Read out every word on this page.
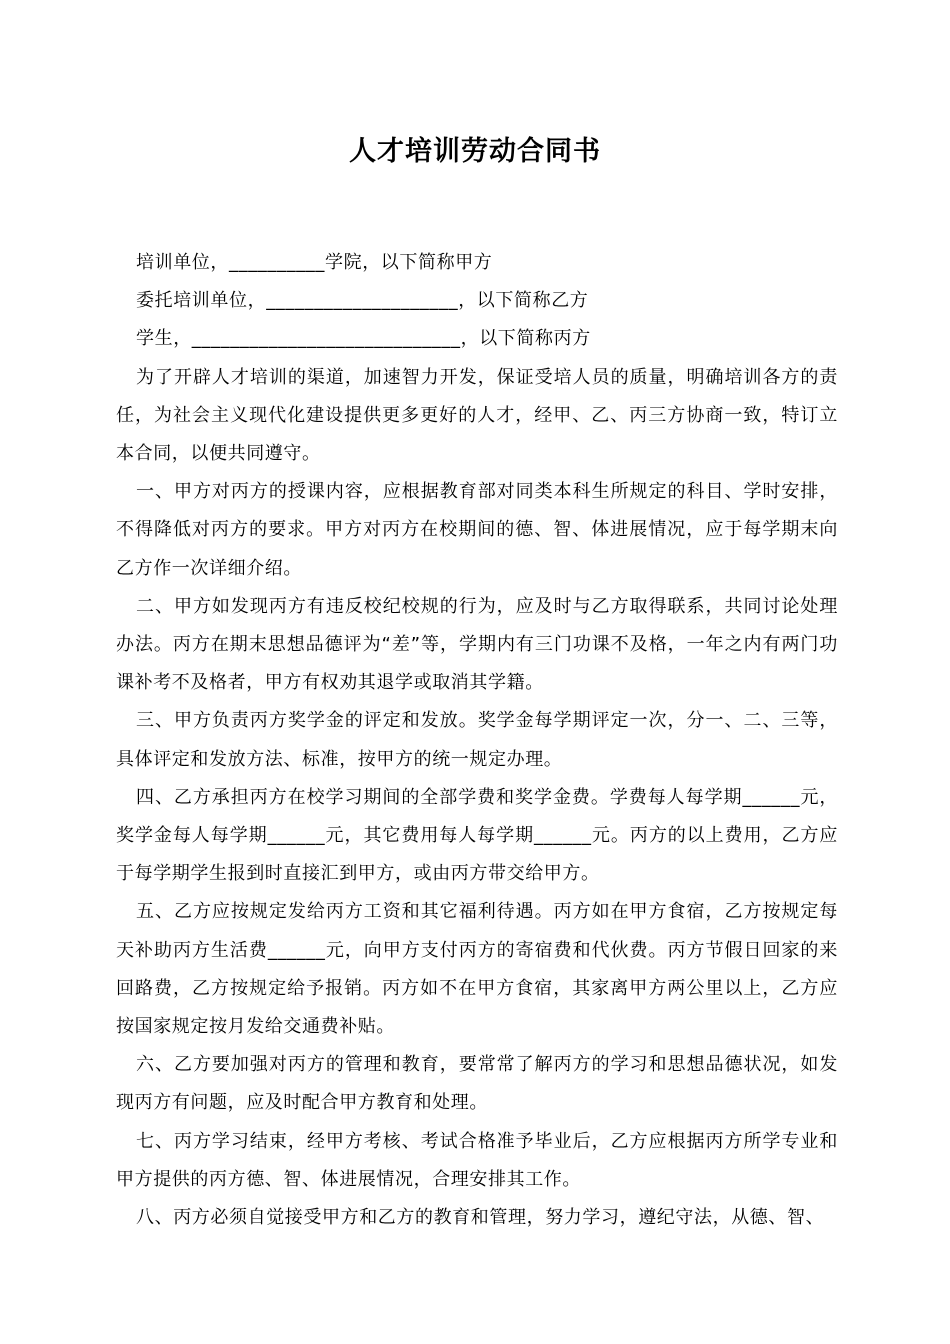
人才培训劳动合同书
培训单位，__________学院，以下简称甲方
委托培训单位，____________________，以下简称乙方
学生，____________________________，以下简称丙方

为了开辟人才培训的渠道，加速智力开发，保证受培人员的质量，明确培训各方的责任，为社会主义现代化建设提供更多更好的人才，经甲、乙、丙三方协商一致，特订立本合同，以便共同遵守。

一、甲方对丙方的授课内容，应根据教育部对同类本科生所规定的科目、学时安排，不得降低对丙方的要求。甲方对丙方在校期间的德、智、体进展情况，应于每学期末向乙方作一次详细介绍。

二、甲方如发现丙方有违反校纪校规的行为，应及时与乙方取得联系，共同讨论处理办法。丙方在期末思想品德评为“差”等，学期内有三门功课不及格，一年之内有两门功课补考不及格者，甲方有权劝其退学或取消其学籍。

三、甲方负责丙方奖学金的评定和发放。奖学金每学期评定一次，分一、二、三等，具体评定和发放方法、标准，按甲方的统一规定办理。

四、乙方承担丙方在校学习期间的全部学费和奖学金费。学费每人每学期______元，奖学金每人每学期______元，其它费用每人每学期______元。丙方的以上费用，乙方应于每学期学生报到时直接汇到甲方，或由丙方带交给甲方。

五、乙方应按规定发给丙方工资和其它福利待遇。丙方如在甲方食宿，乙方按规定每天补助丙方生活费______元，向甲方支付丙方的寄宿费和代伙费。丙方节假日回家的来回路费，乙方按规定给予报销。丙方如不在甲方食宿，其家离甲方两公里以上，乙方应按国家规定按月发给交通费补贴。

六、乙方要加强对丙方的管理和教育，要常常了解丙方的学习和思想品德状况，如发现丙方有问题，应及时配合甲方教育和处理。

七、丙方学习结束，经甲方考核、考试合格准予毕业后，乙方应根据丙方所学专业和甲方提供的丙方德、智、体进展情况，合理安排其工作。

八、丙方必须自觉接受甲方和乙方的教育和管理，努力学习，遵纪守法，从德、智、
